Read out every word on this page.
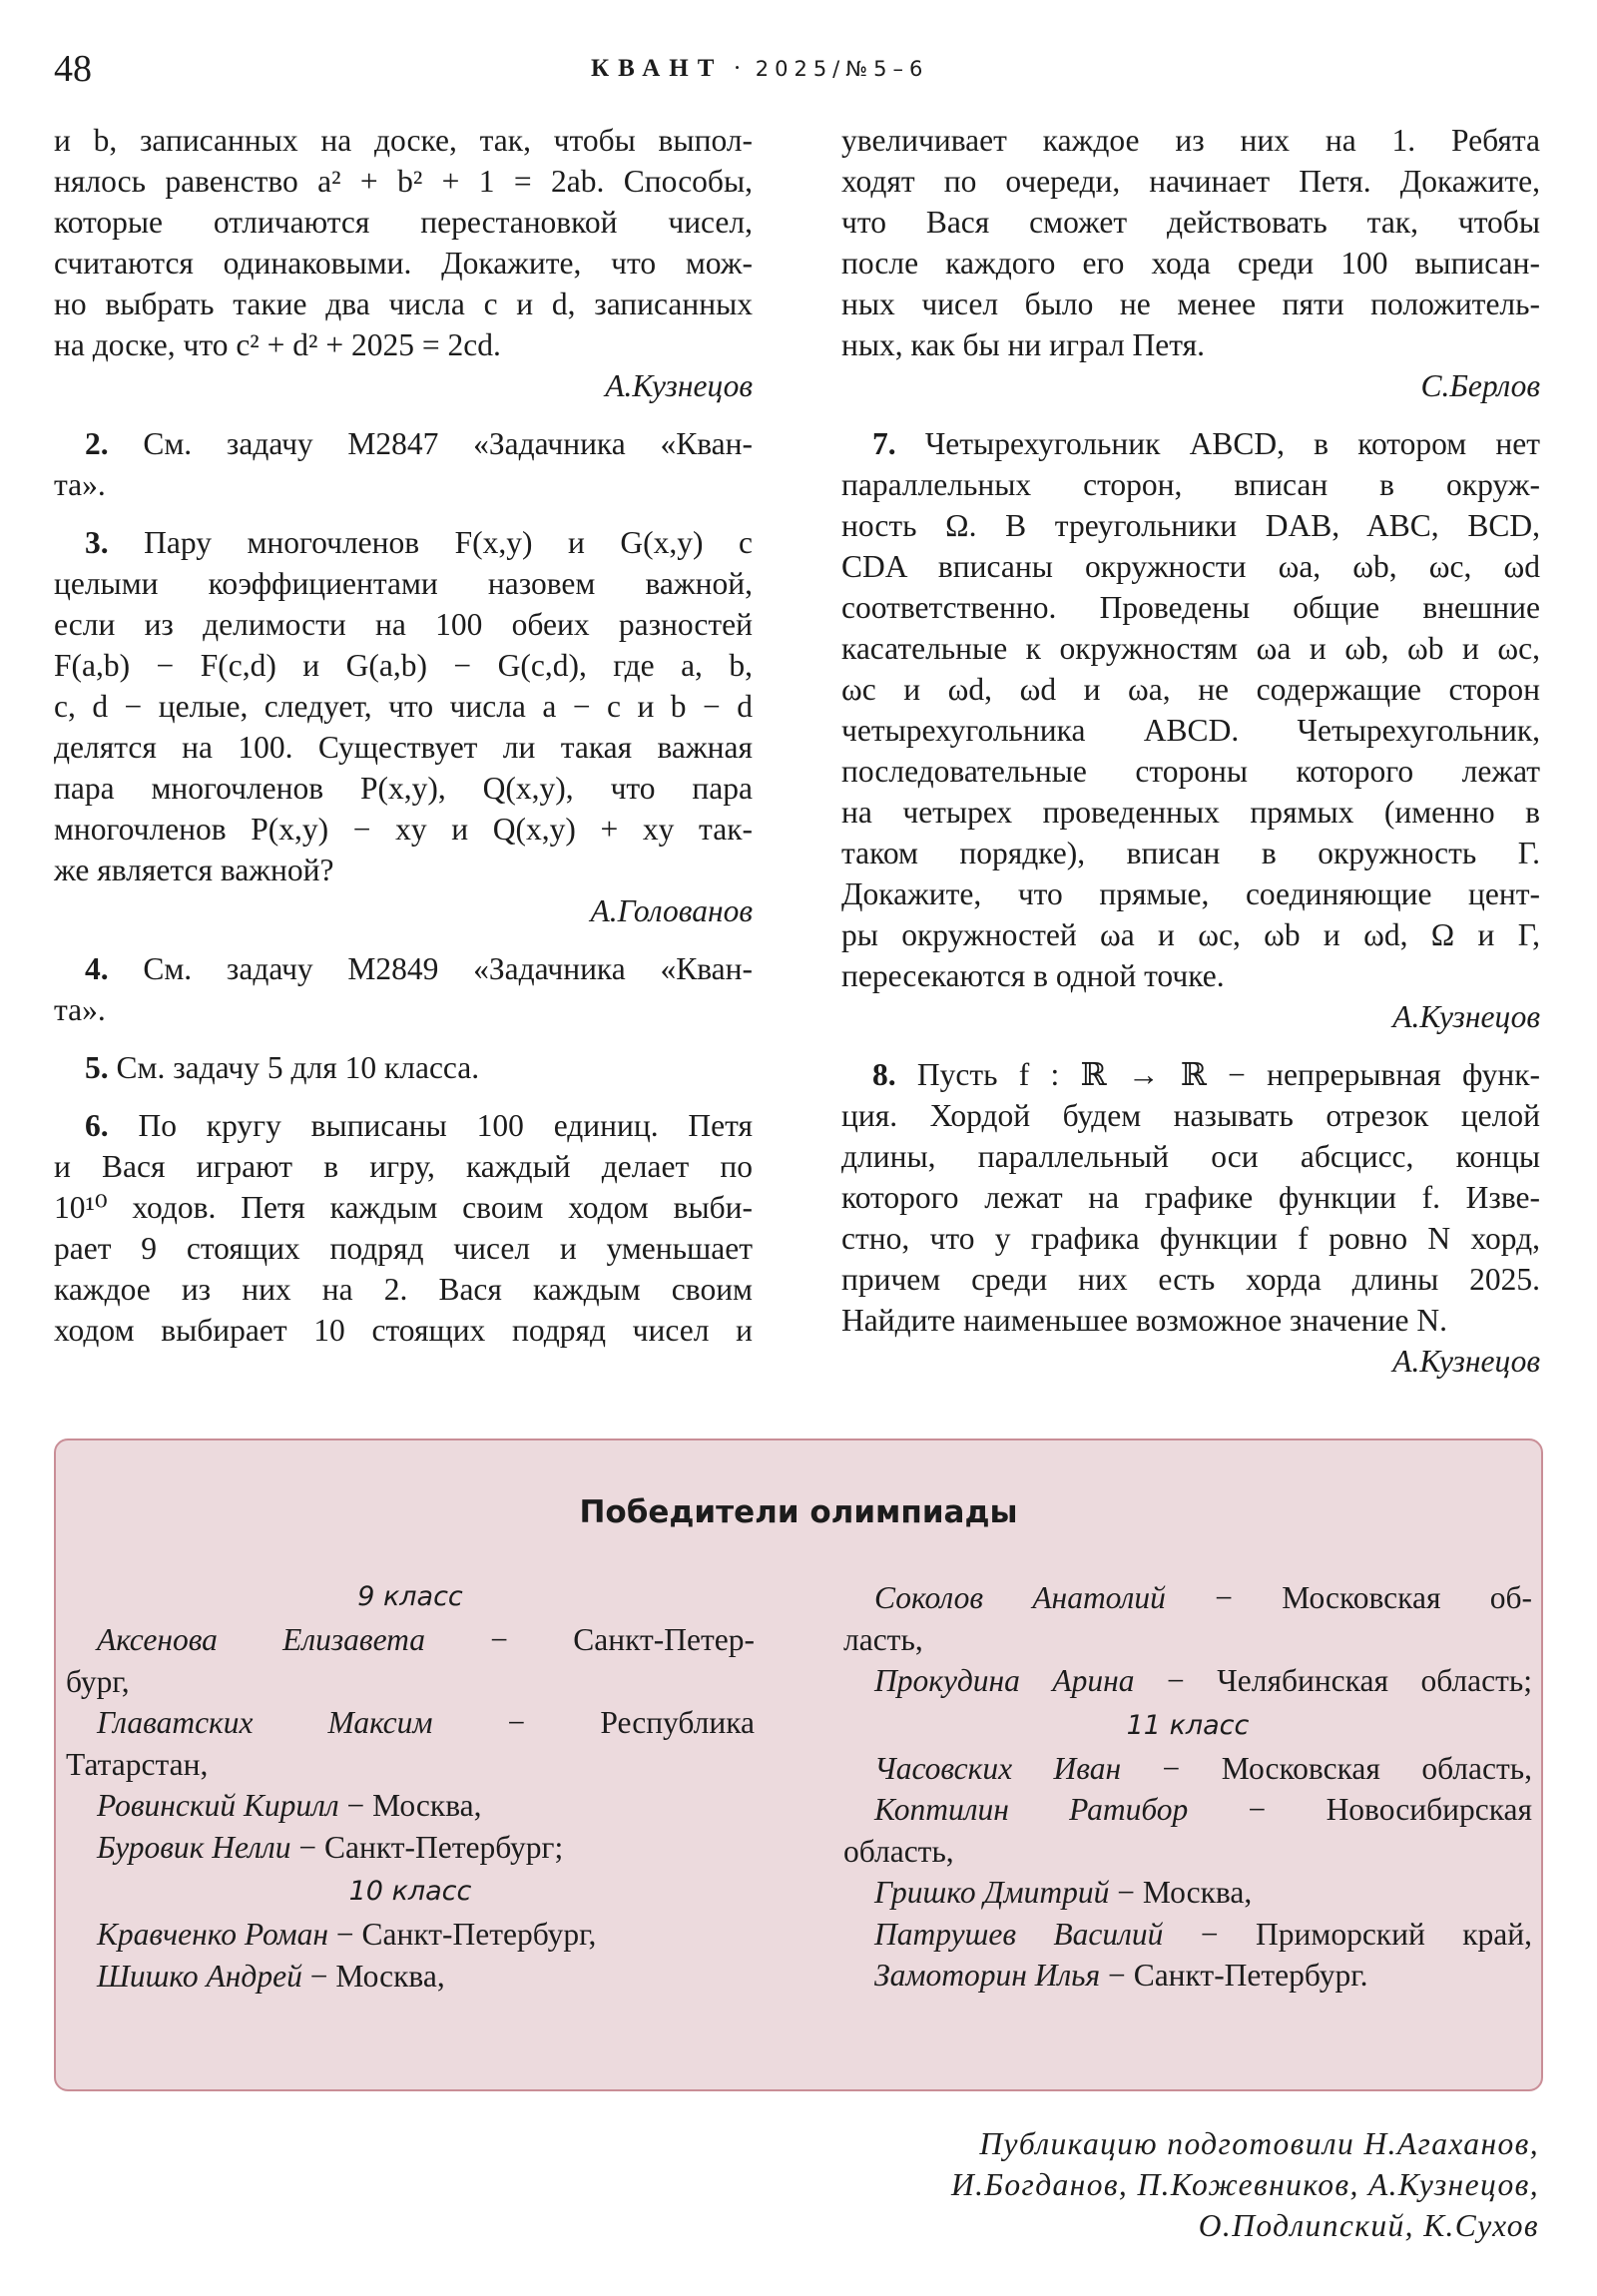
48	КВАНТ · 2025/№5–6

и b, записанных на доске, так, чтобы выпол-
нялось равенство a² + b² + 1 = 2ab. Способы,
которые отличаются перестановкой чисел,
считаются одинаковыми. Докажите, что мож-
но выбрать такие два числа c и d, записанных
на доске, что c² + d² + 2025 = 2cd.

А.Кузнецов

2. См. задачу М2847 «Задачника «Кван-
та».

3. Пару многочленов F(x,y) и G(x,y) с
целыми коэффициентами назовем важной,
если из делимости на 100 обеих разностей
F(a,b) − F(c,d) и G(a,b) − G(c,d), где a, b,
c, d − целые, следует, что числа a − c и b − d
делятся на 100. Существует ли такая важная
пара многочленов P(x,y), Q(x,y), что пара
многочленов P(x,y) − xy и Q(x,y) + xy так-
же является важной?

А.Голованов

4. См. задачу М2849 «Задачника «Кван-
та».

5. См. задачу 5 для 10 класса.

6. По кругу выписаны 100 единиц. Петя
и Вася играют в игру, каждый делает по
10¹⁰ ходов. Петя каждым своим ходом выби-
рает 9 стоящих подряд чисел и уменьшает
каждое из них на 2. Вася каждым своим
ходом выбирает 10 стоящих подряд чисел и

увеличивает каждое из них на 1. Ребята
ходят по очереди, начинает Петя. Докажите,
что Вася сможет действовать так, чтобы
после каждого его хода среди 100 выписан-
ных чисел было не менее пяти положитель-
ных, как бы ни играл Петя.

С.Берлов

7. Четырехугольник ABCD, в котором нет
параллельных сторон, вписан в окруж-
ность Ω. В треугольники DAB, ABC, BCD,
CDA вписаны окружности ωa, ωb, ωc, ωd
соответственно. Проведены общие внешние
касательные к окружностям ωa и ωb, ωb и ωc,
ωc и ωd, ωd и ωa, не содержащие сторон
четырехугольника ABCD. Четырехугольник,
последовательные стороны которого лежат
на четырех проведенных прямых (именно в
таком порядке), вписан в окружность Γ.
Докажите, что прямые, соединяющие цент-
ры окружностей ωa и ωc, ωb и ωd, Ω и Γ,
пересекаются в одной точке.

А.Кузнецов

8. Пусть f : ℝ → ℝ − непрерывная функ-
ция. Хордой будем называть отрезок целой
длины, параллельный оси абсцисс, концы
которого лежат на графике функции f. Изве-
стно, что у графика функции f ровно N хорд,
причем среди них есть хорда длины 2025.
Найдите наименьшее возможное значение N.

А.Кузнецов
Победители олимпиады
9 класс
Аксенова Елизавета − Санкт-Петер-
бург,
Главатских Максим − Республика
Татарстан,
Ровинский Кирилл − Москва,
Буровик Нелли − Санкт-Петербург;
10 класс
Кравченко Роман − Санкт-Петербург,
Шишко Андрей − Москва,
Соколов Анатолий − Московская об-
ласть,
Прокудина Арина − Челябинская область;
11 класс
Часовских Иван − Московская область,
Коптилин Ратибор − Новосибирская
область,
Гришко Дмитрий − Москва,
Патрушев Василий − Приморский край,
Замоторин Илья − Санкт-Петербург.
Публикацию подготовили Н.Агаханов,
И.Богданов, П.Кожевников, А.Кузнецов,
О.Подлипский, К.Сухов
